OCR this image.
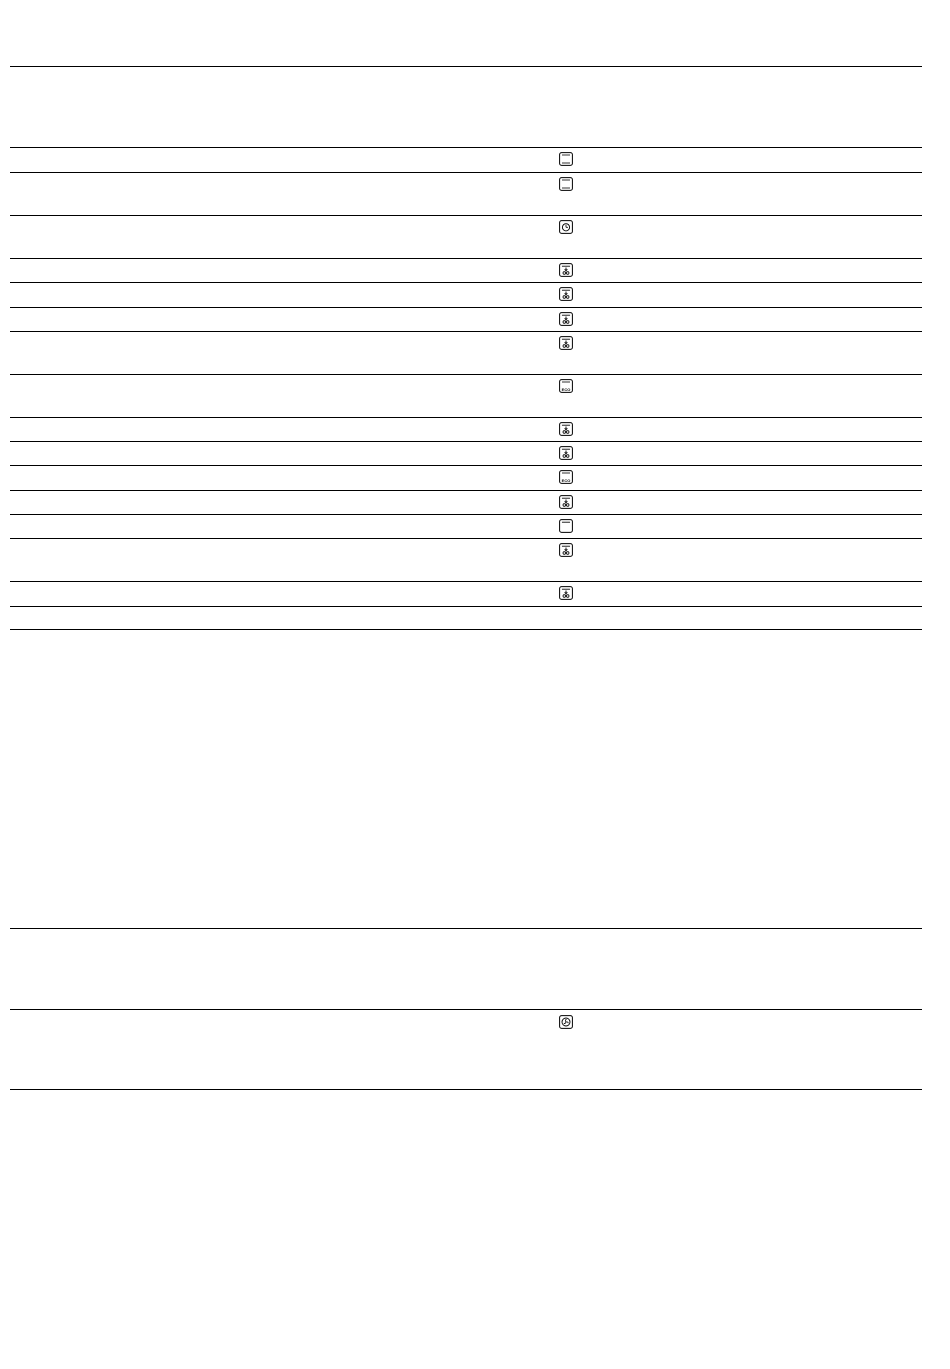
ECO
ECO
